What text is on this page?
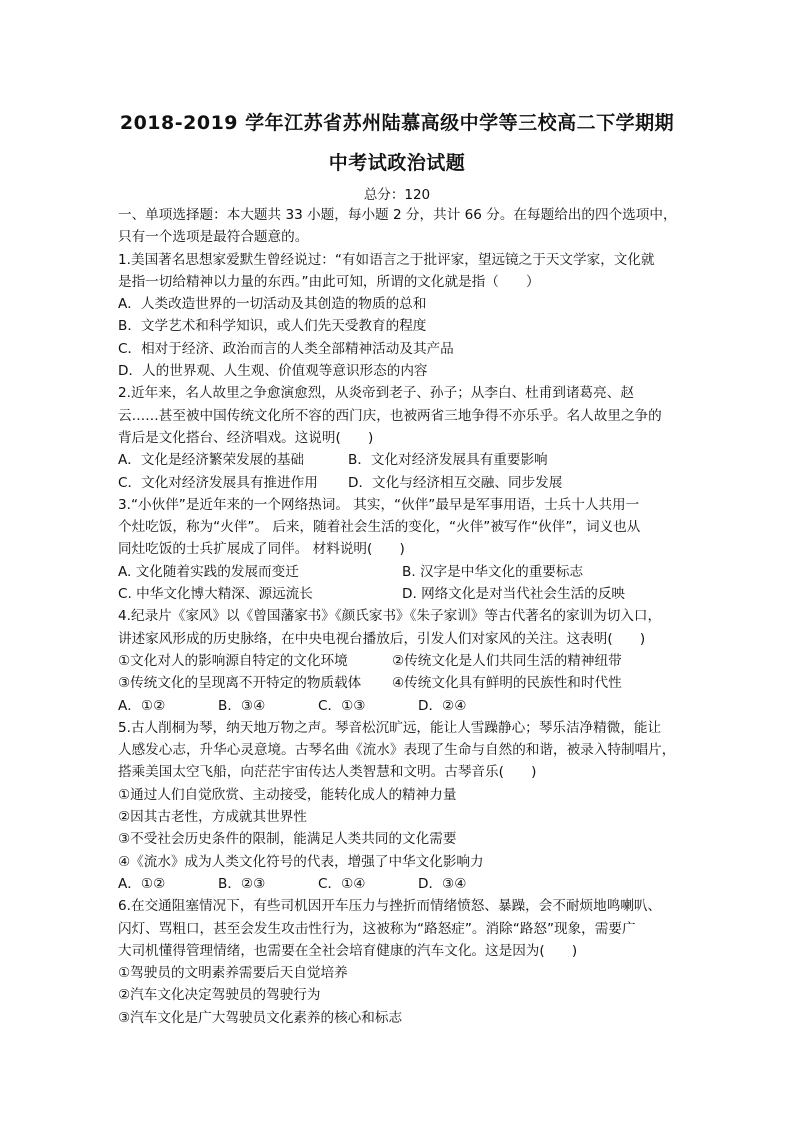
2018-2019 学年江苏省苏州陆慕高级中学等三校高二下学期期
中考试政治试题
总分：120
一、单项选择题：本大题共 33 小题，每小题 2 分，共计 66 分。在每题给出的四个选项中，
只有一个选项是最符合题意的。
1.美国著名思想家爱默生曾经说过：“有如语言之于批评家，望远镜之于天文学家，文化就
是指一切给精神以力量的东西。”由此可知，所谓的文化就是指（　　）
A．人类改造世界的一切活动及其创造的物质的总和
B．文学艺术和科学知识，或人们先天受教育的程度
C．相对于经济、政治而言的人类全部精神活动及其产品
D．人的世界观、人生观、价值观等意识形态的内容
2.近年来，名人故里之争愈演愈烈，从炎帝到老子、孙子；从李白、杜甫到诸葛亮、赵
云……甚至被中国传统文化所不容的西门庆，也被两省三地争得不亦乐乎。名人故里之争的
背后是文化搭台、经济唱戏。这说明(　　)
A．文化是经济繁荣发展的基础	B．文化对经济发展具有重要影响
C．文化对经济发展具有推进作用	D．文化与经济相互交融、同步发展
3.“小伙伴”是近年来的一个网络热词。 其实，“伙伴”最早是军事用语，士兵十人共用一
个灶吃饭，称为“火伴”。 后来，随着社会生活的变化，“火伴”被写作“伙伴”，词义也从
同灶吃饭的士兵扩展成了同伴。 材料说明(　　)
A. 文化随着实践的发展而变迁	B. 汉字是中华文化的重要标志
C. 中华文化博大精深、源远流长	D. 网络文化是对当代社会生活的反映
4.纪录片《家风》以《曾国藩家书》《颜氏家书》《朱子家训》等古代著名的家训为切入口，
讲述家风形成的历史脉络，在中央电视台播放后，引发人们对家风的关注。这表明(　　)
①文化对人的影响源自特定的文化环境	②传统文化是人们共同生活的精神纽带
③传统文化的呈现离不开特定的物质载体	④传统文化具有鲜明的民族性和时代性
A．①②	B．③④	C．①③	D．②④
5.古人削桐为琴，纳天地万物之声。琴音松沉旷远，能让人雪躁静心；琴乐洁净精微，能让
人感发心志，升华心灵意境。古琴名曲《流水》表现了生命与自然的和谐，被录入特制唱片，
搭乘美国太空飞船，向茫茫宇宙传达人类智慧和文明。古琴音乐(　　)
①通过人们自觉欣赏、主动接受，能转化成人的精神力量
②因其古老性，方成就其世界性
③不受社会历史条件的限制，能满足人类共同的文化需要
④《流水》成为人类文化符号的代表，增强了中华文化影响力
A．①②	B．②③	C．①④	D．③④
6.在交通阻塞情况下，有些司机因开车压力与挫折而情绪愤怒、暴躁，会不耐烦地鸣喇叭、
闪灯、骂粗口，甚至会发生攻击性行为，这被称为“路怒症”。消除“路怒”现象，需要广
大司机懂得管理情绪，也需要在全社会培育健康的汽车文化。这是因为(　　)
①驾驶员的文明素养需要后天自觉培养
②汽车文化决定驾驶员的驾驶行为
③汽车文化是广大驾驶员文化素养的核心和标志
